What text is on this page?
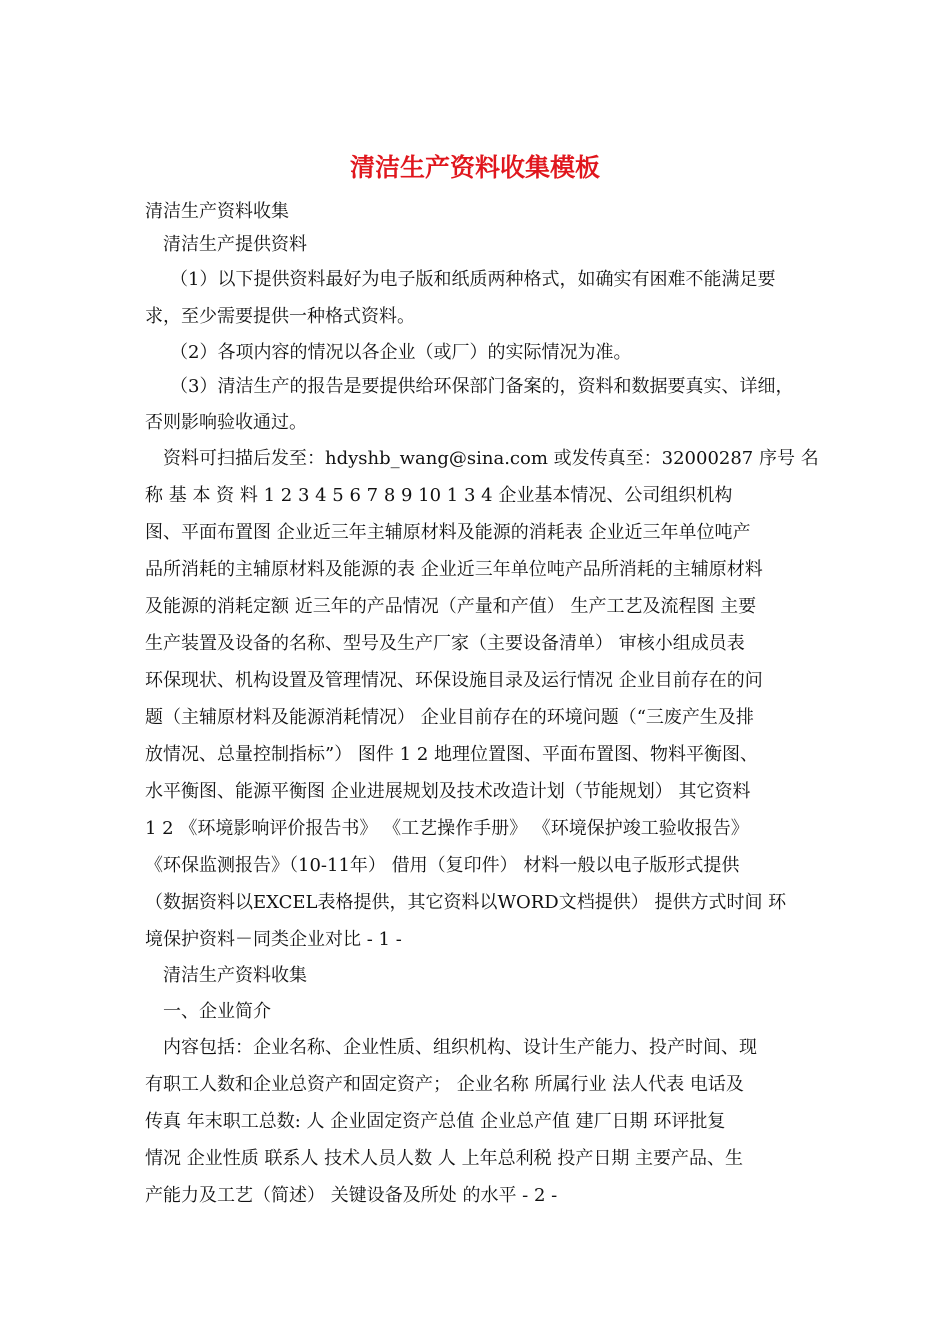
清洁生产资料收集模板

清洁生产资料收集

清洁生产提供资料

（1）以下提供资料最好为电子版和纸质两种格式，如确实有困难不能满足要

求，至少需要提供一种格式资料。

（2）各项内容的情况以各企业（或厂）的实际情况为准。

（3）清洁生产的报告是要提供给环保部门备案的，资料和数据要真实、详细，

否则影响验收通过。

资料可扫描后发至：hdyshb_wang@sina.com 或发传真至：32000287 序号 名

称 基 本 资 料 1 2 3 4 5 6 7 8 9 10 1 3 4 企业基本情况、公司组织机构

图、平面布置图 企业近三年主辅原材料及能源的消耗表 企业近三年单位吨产

品所消耗的主辅原材料及能源的表 企业近三年单位吨产品所消耗的主辅原材料

及能源的消耗定额 近三年的产品情况（产量和产值） 生产工艺及流程图 主要

生产装置及设备的名称、型号及生产厂家（主要设备清单） 审核小组成员表

环保现状、机构设置及管理情况、环保设施目录及运行情况 企业目前存在的问

题（主辅原材料及能源消耗情况） 企业目前存在的环境问题（“三废产生及排

放情况、总量控制指标”） 图件 1 2 地理位置图、平面布置图、物料平衡图、

水平衡图、能源平衡图 企业进展规划及技术改造计划（节能规划） 其它资料

1 2 《环境影响评价报告书》 《工艺操作手册》 《环境保护竣工验收报告》

《环保监测报告》（10-11年） 借用（复印件） 材料一般以电子版形式提供

（数据资料以EXCEL表格提供，其它资料以WORD文档提供） 提供方式时间 环

境保护资料－同类企业对比 - 1 -

清洁生产资料收集

一、企业简介

内容包括：企业名称、企业性质、组织机构、设计生产能力、投产时间、现

有职工人数和企业总资产和固定资产； 企业名称 所属行业 法人代表 电话及

传真 年末职工总数: 人 企业固定资产总值 企业总产值 建厂日期 环评批复

情况 企业性质 联系人 技术人员人数 人 上年总利税 投产日期 主要产品、生

产能力及工艺（简述） 关键设备及所处 的水平 - 2 -
